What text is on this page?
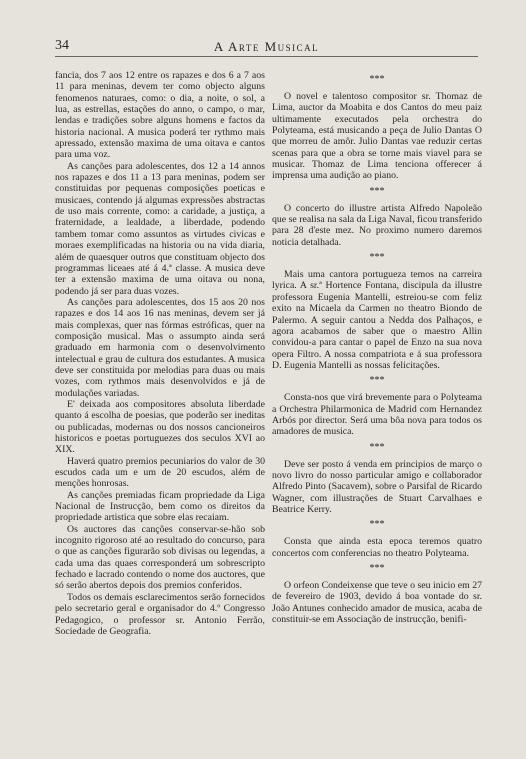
34	A Arte Musical

fancia, dos 7 aos 12 entre os rapazes e dos 6 a 7 aos 11 para meninas, devem ter como objecto alguns fenomenos naturaes, como: o dia, a noite, o sol, a lua, as estrellas, estações do anno, o campo, o mar, lendas e tradições sobre alguns homens e factos da historia nacional. A musica poderá ter rythmo mais apressado, extensão maxima de uma oitava e cantos para uma voz.

As canções para adolescentes, dos 12 a 14 annos nos rapazes e dos 11 a 13 para meninas, podem ser constituidas por pequenas composições poeticas e musicaes, contendo já algumas expressões abstractas de uso mais corrente, como: a caridade, a justiça, a fraternidade, a lealdade, a liberdade, podendo tambem tomar como assuntos as virtudes civicas e moraes exemplificadas na historia ou na vida diaria, além de quaesquer outros que constituam objecto dos programmas liceaes até á 4.ª classe. A musica deve ter a extensão maxima de uma oitava ou nona, podendo já ser para duas vozes.

As canções para adolescentes, dos 15 aos 20 nos rapazes e dos 14 aos 16 nas meninas, devem ser já mais complexas, quer nas fórmas estróficas, quer na composição musical. Mas o assumpto ainda será graduado em harmonia com o desenvolvimento intelectual e grau de cultura dos estudantes. A musica deve ser constituida por melodias para duas ou mais vozes, com rythmos mais desenvolvidos e já de modulações variadas.

E' deixada aos compositores absoluta liberdade quanto á escolha de poesias, que poderão ser ineditas ou publicadas, modernas ou dos nossos cancioneiros historicos e poetas portuguezes dos seculos XVI ao XIX.

Haverá quatro premios pecuniarios do valor de 30 escudos cada um e um de 20 escudos, além de menções honrosas.

As canções premiadas ficam propriedade da Liga Nacional de Instrucção, bem como os direitos da propriedade artistica que sobre elas recaiam.

Os auctores das canções conservar-se-hão sob incognito rigoroso até ao resultado do concurso, para o que as canções figurarão sob divisas ou legendas, a cada uma das quaes corresponderá um sobrescripto fechado e lacrado contendo o nome dos auctores, que só serão abertos depois dos premios conferidos.

Todos os demais esclarecimentos serão fornecidos pelo secretario geral e organisador do 4.º Congresso Pedagogico, o professor sr. Antonio Ferrão, Sociedade de Geografia.

***

O novel e talentoso compositor sr. Thomaz de Lima, auctor da Moabita e dos Cantos do meu paiz ultimamente executados pela orchestra do Polyteama, está musicando a peça de Julio Dantas O que morreu de amôr. Julio Dantas vae reduzir certas scenas para que a obra se torne mais viavel para se musicar. Thomaz de Lima tenciona offerecer á imprensa uma audição ao piano.

***

O concerto do illustre artista Alfredo Napoleão que se realisa na sala da Liga Naval, ficou transferido para 28 d'este mez. No proximo numero daremos noticia detalhada.

***

Mais uma cantora portugueza temos na carreira lyrica. A sr.ª Hortence Fontana, discipula da illustre professora Eugenia Mantelli, estreiou-se com feliz exito na Micaela da Carmen no theatro Biondo de Palermo. A seguir cantou a Nedda dos Palhaços, e agora acabamos de saber que o maestro Allin convidou-a para cantar o papel de Enzo na sua nova opera Filtro. A nossa compatriota e á sua professora D. Eugenia Mantelli as nossas felicitações.

***

Consta-nos que virá brevemente para o Polyteama a Orchestra Philarmonica de Madrid com Hernandez Arbós por director. Será uma bôa nova para todos os amadores de musica.

***

Deve ser posto á venda em principios de março o novo livro do nosso particular amigo e collaborador Alfredo Pinto (Sacavem), sobre o Parsifal de Ricardo Wagner, com illustrações de Stuart Carvalhaes e Beatrice Kerry.

***

Consta que ainda esta epoca teremos quatro concertos com conferencias no theatro Polyteama.

***

O orfeon Condeixense que teve o seu inicio em 27 de fevereiro de 1903, devido á boa vontade do sr. João Antunes conhecido amador de musica, acaba de constituir-se em Associação de instrucção, benifi-
